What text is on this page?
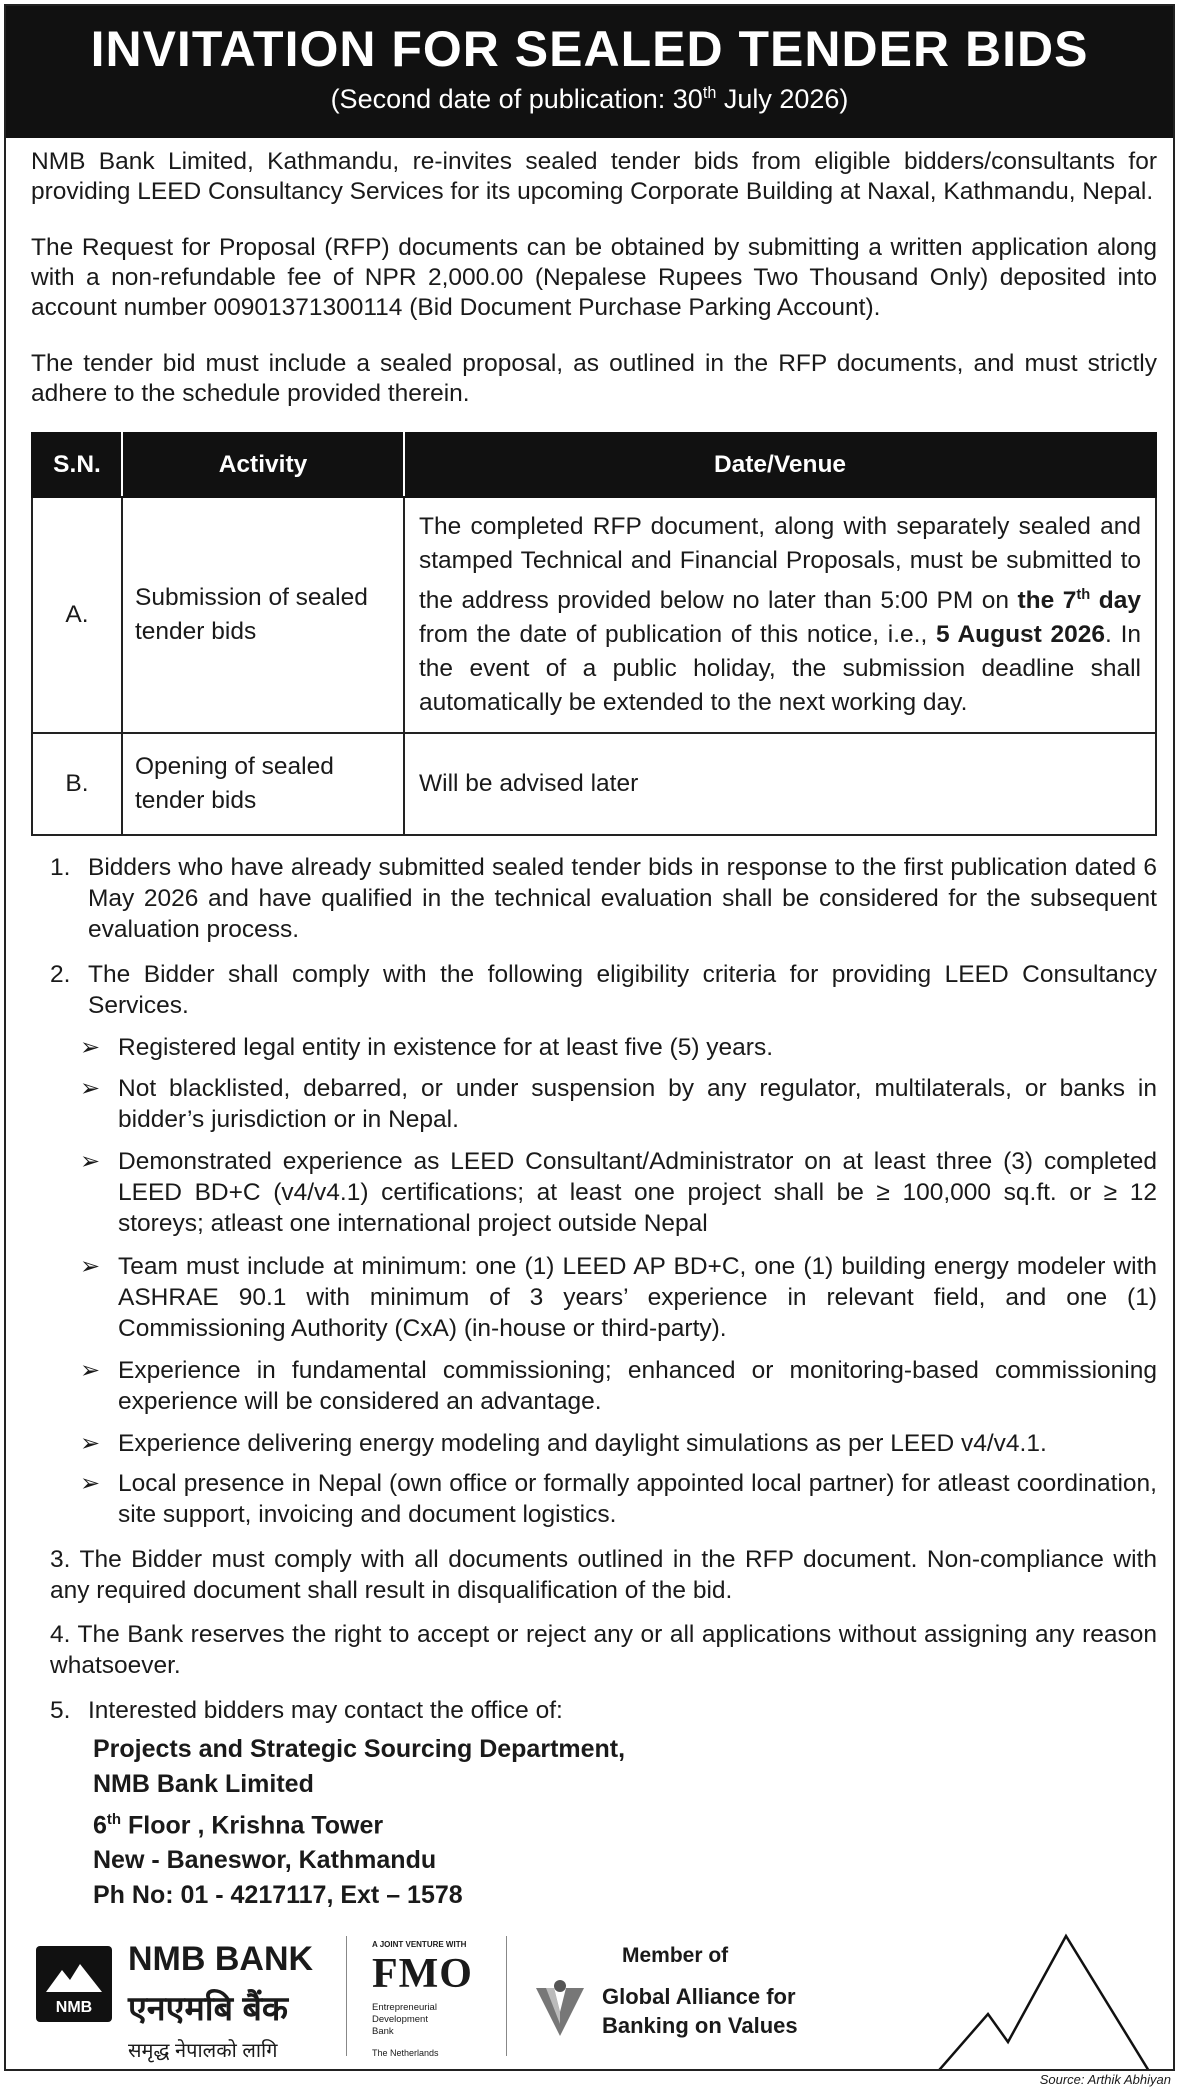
INVITATION FOR SEALED TENDER BIDS
(Second date of publication: 30th July 2026)
NMB Bank Limited, Kathmandu, re-invites sealed tender bids from eligible bidders/consultants for providing LEED Consultancy Services for its upcoming Corporate Building at Naxal, Kathmandu, Nepal.
The Request for Proposal (RFP) documents can be obtained by submitting a written application along with a non-refundable fee of NPR 2,000.00 (Nepalese Rupees Two Thousand Only) deposited into account number 00901371300114 (Bid Document Purchase Parking Account).
The tender bid must include a sealed proposal, as outlined in the RFP documents, and must strictly adhere to the schedule provided therein.
S.N.	Activity	Date/Venue
A.	Submission of sealed tender bids	The completed RFP document, along with separately sealed and stamped Technical and Financial Proposals, must be submitted to the address provided below no later than 5:00 PM on the 7th day from the date of publication of this notice, i.e., 5 August 2026. In the event of a public holiday, the submission deadline shall automatically be extended to the next working day.
B.	Opening of sealed tender bids	Will be advised later
1. Bidders who have already submitted sealed tender bids in response to the first publication dated 6 May 2026 and have qualified in the technical evaluation shall be considered for the subsequent evaluation process.
2. The Bidder shall comply with the following eligibility criteria for providing LEED Consultancy Services.
➢ Registered legal entity in existence for at least five (5) years.
➢ Not blacklisted, debarred, or under suspension by any regulator, multilaterals, or banks in bidder’s jurisdiction or in Nepal.
➢ Demonstrated experience as LEED Consultant/Administrator on at least three (3) completed LEED BD+C (v4/v4.1) certifications; at least one project shall be ≥ 100,000 sq.ft. or ≥ 12 storeys; atleast one international project outside Nepal
➢ Team must include at minimum: one (1) LEED AP BD+C, one (1) building energy modeler with ASHRAE 90.1 with minimum of 3 years’ experience in relevant field, and one (1) Commissioning Authority (CxA) (in-house or third-party).
➢ Experience in fundamental commissioning; enhanced or monitoring-based commissioning experience will be considered an advantage.
➢ Experience delivering energy modeling and daylight simulations as per LEED v4/v4.1.
➢ Local presence in Nepal (own office or formally appointed local partner) for atleast coordination, site support, invoicing and document logistics.
3. The Bidder must comply with all documents outlined in the RFP document. Non-compliance with any required document shall result in disqualification of the bid.
4. The Bank reserves the right to accept or reject any or all applications without assigning any reason whatsoever.
5. Interested bidders may contact the office of:
Projects and Strategic Sourcing Department,
NMB Bank Limited
6th Floor , Krishna Tower
New - Baneswor, Kathmandu
Ph No: 01 - 4217117, Ext – 1578
NMB
NMB BANK
एनएमबि बैंक
समृद्ध नेपालको लागि
A JOINT VENTURE WITH
FMO
Entrepreneurial Development Bank
The Netherlands
Member of
Global Alliance for Banking on Values
Source: Arthik Abhiyan
